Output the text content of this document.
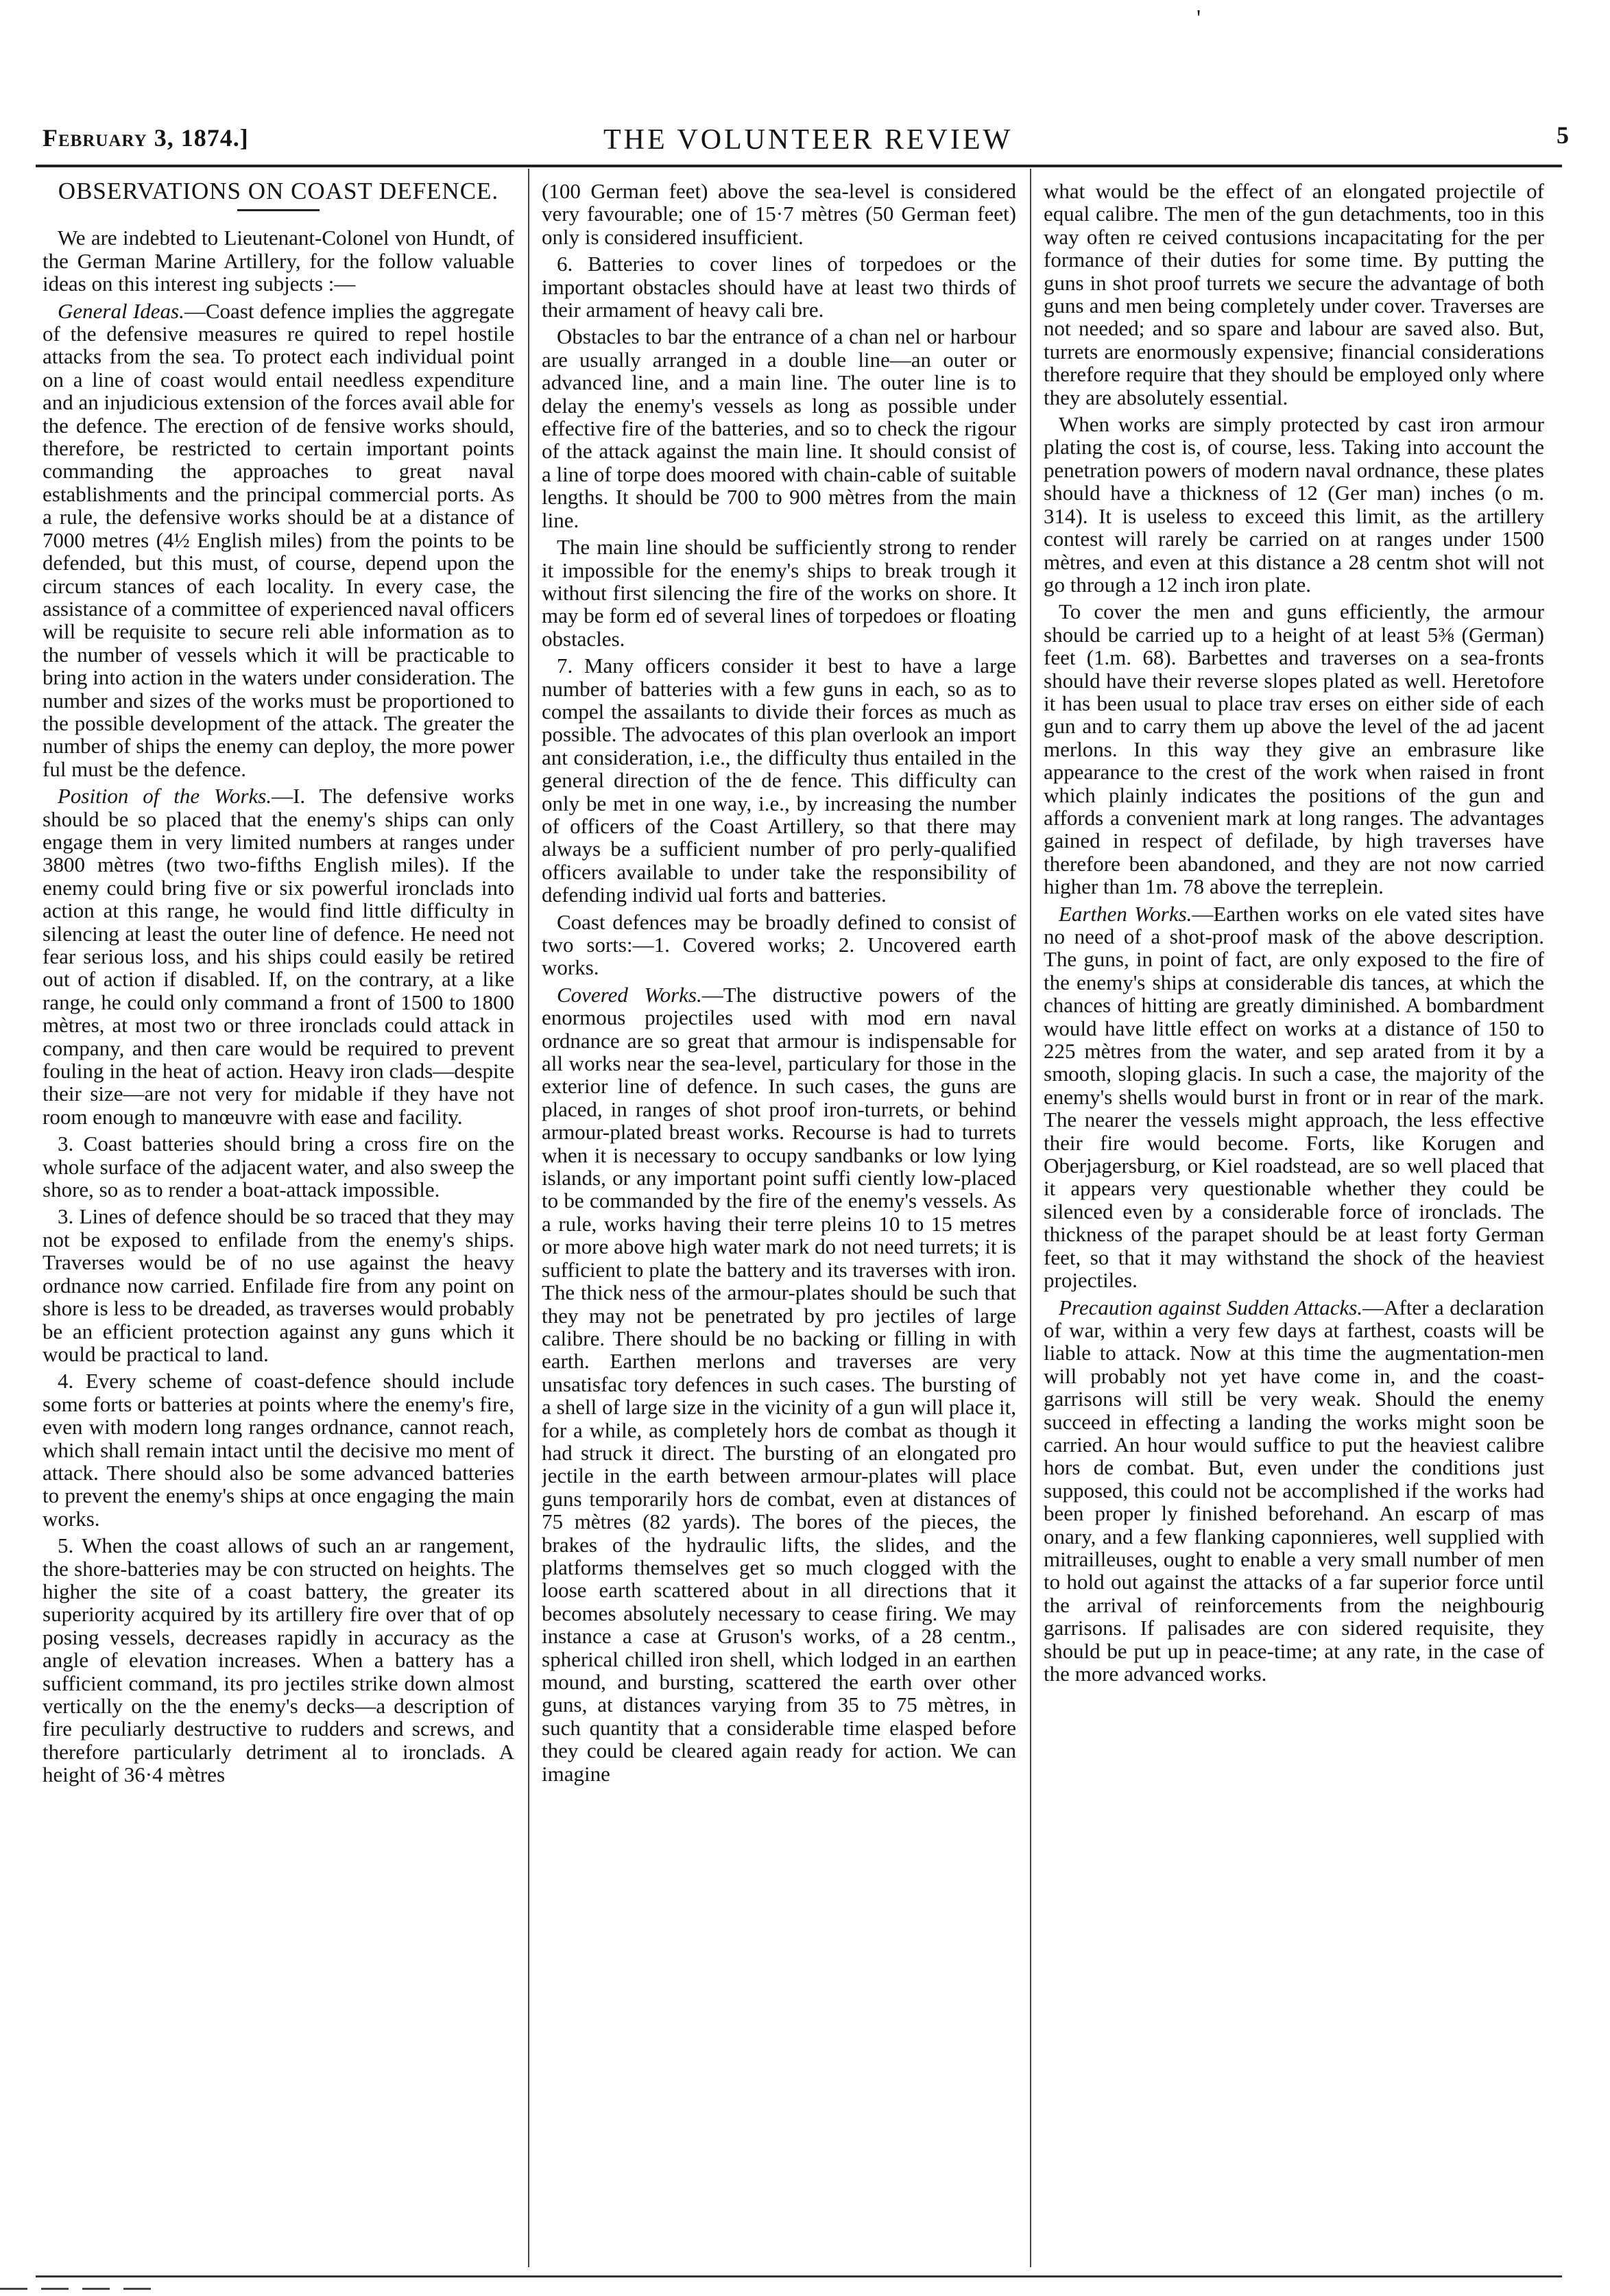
'
February 3, 1874.]	THE VOLUNTEER REVIEW	5
OBSERVATIONS ON COAST DEFENCE.

We are indebted to Lieutenant-Colonel von Hundt, of the German Marine Artillery, for the follow valuable ideas on this interest ing subjects :—

General Ideas.—Coast defence implies the aggregate of the defensive measures re quired to repel hostile attacks from the sea. To protect each individual point on a line of coast would entail needless expenditure and an injudicious extension of the forces avail able for the defence. The erection of de fensive works should, therefore, be restricted to certain important points commanding the approaches to great naval establishments and the principal commercial ports. As a rule, the defensive works should be at a distance of 7000 metres (4½ English miles) from the points to be defended, but this must, of course, depend upon the circum stances of each locality. In every case, the assistance of a committee of experienced naval officers will be requisite to secure reli able information as to the number of vessels which it will be practicable to bring into action in the waters under consideration. The number and sizes of the works must be proportioned to the possible development of the attack. The greater the number of ships the enemy can deploy, the more power ful must be the defence.

Position of the Works.—I. The defensive works should be so placed that the enemy's ships can only engage them in very limited numbers at ranges under 3800 mètres (two two-fifths English miles). If the enemy could bring five or six powerful ironclads into action at this range, he would find little difficulty in silencing at least the outer line of defence. He need not fear serious loss, and his ships could easily be retired out of action if disabled. If, on the contrary, at a like range, he could only command a front of 1500 to 1800 mètres, at most two or three ironclads could attack in company, and then care would be required to prevent fouling in the heat of action. Heavy iron clads—despite their size—are not very for midable if they have not room enough to manœuvre with ease and facility.

3. Coast batteries should bring a cross fire on the whole surface of the adjacent water, and also sweep the shore, so as to render a boat-attack impossible.

3. Lines of defence should be so traced that they may not be exposed to enfilade from the enemy's ships. Traverses would be of no use against the heavy ordnance now carried. Enfilade fire from any point on shore is less to be dreaded, as traverses would probably be an efficient protection against any guns which it would be practical to land.

4. Every scheme of coast-defence should include some forts or batteries at points where the enemy's fire, even with modern long ranges ordnance, cannot reach, which shall remain intact until the decisive mo ment of attack. There should also be some advanced batteries to prevent the enemy's ships at once engaging the main works.

5. When the coast allows of such an ar rangement, the shore-batteries may be con structed on heights. The higher the site of a coast battery, the greater its superiority acquired by its artillery fire over that of op posing vessels, decreases rapidly in accuracy as the angle of elevation increases. When a battery has a sufficient command, its pro jectiles strike down almost vertically on the the enemy's decks—a description of fire peculiarly destructive to rudders and screws, and therefore particularly detriment al to ironclads. A height of 36·4 mètres

(100 German feet) above the sea-level is considered very favourable; one of 15·7 mètres (50 German feet) only is considered insufficient.

6. Batteries to cover lines of torpedoes or the important obstacles should have at least two thirds of their armament of heavy cali bre.

Obstacles to bar the entrance of a chan nel or harbour are usually arranged in a double line—an outer or advanced line, and a main line. The outer line is to delay the enemy's vessels as long as possible under effective fire of the batteries, and so to check the rigour of the attack against the main line. It should consist of a line of torpe does moored with chain-cable of suitable lengths. It should be 700 to 900 mètres from the main line.

The main line should be sufficiently strong to render it impossible for the enemy's ships to break trough it without first silencing the fire of the works on shore. It may be form ed of several lines of torpedoes or floating obstacles.

7. Many officers consider it best to have a large number of batteries with a few guns in each, so as to compel the assailants to divide their forces as much as possible. The advocates of this plan overlook an import ant consideration, i.e., the difficulty thus entailed in the general direction of the de fence. This difficulty can only be met in one way, i.e., by increasing the number of officers of the Coast Artillery, so that there may always be a sufficient number of pro perly-qualified officers available to under take the responsibility of defending individ ual forts and batteries.

Coast defences may be broadly defined to consist of two sorts:—1. Covered works; 2. Uncovered earth works.

Covered Works.—The distructive powers of the enormous projectiles used with mod ern naval ordnance are so great that armour is indispensable for all works near the sea-level, particulary for those in the exterior line of defence. In such cases, the guns are placed, in ranges of shot proof iron-turrets, or behind armour-plated breast works. Recourse is had to turrets when it is necessary to occupy sandbanks or low lying islands, or any important point suffi ciently low-placed to be commanded by the fire of the enemy's vessels. As a rule, works having their terre pleins 10 to 15 metres or more above high water mark do not need turrets; it is sufficient to plate the battery and its traverses with iron. The thick ness of the armour-plates should be such that they may not be penetrated by pro jectiles of large calibre. There should be no backing or filling in with earth. Earthen merlons and traverses are very unsatisfac tory defences in such cases. The bursting of a shell of large size in the vicinity of a gun will place it, for a while, as completely hors de combat as though it had struck it direct. The bursting of an elongated pro jectile in the earth between armour-plates will place guns temporarily hors de combat, even at distances of 75 mètres (82 yards). The bores of the pieces, the brakes of the hydraulic lifts, the slides, and the platforms themselves get so much clogged with the loose earth scattered about in all directions that it becomes absolutely necessary to cease firing. We may instance a case at Gruson's works, of a 28 centm., spherical chilled iron shell, which lodged in an earthen mound, and bursting, scattered the earth over other guns, at distances varying from 35 to 75 mètres, in such quantity that a considerable time elasped before they could be cleared again ready for action. We can imagine

what would be the effect of an elongated projectile of equal calibre. The men of the gun detachments, too in this way often re ceived contusions incapacitating for the per formance of their duties for some time. By putting the guns in shot proof turrets we secure the advantage of both guns and men being completely under cover. Traverses are not needed; and so spare and labour are saved also. But, turrets are enormously expensive; financial considerations therefore require that they should be employed only where they are absolutely essential.

When works are simply protected by cast iron armour plating the cost is, of course, less. Taking into account the penetration powers of modern naval ordnance, these plates should have a thickness of 12 (Ger man) inches (o m. 314). It is useless to exceed this limit, as the artillery contest will rarely be carried on at ranges under 1500 mètres, and even at this distance a 28 centm shot will not go through a 12 inch iron plate.

To cover the men and guns efficiently, the armour should be carried up to a height of at least 5⅜ (German) feet (1.m. 68). Barbettes and traverses on a sea-fronts should have their reverse slopes plated as well. Heretofore it has been usual to place trav erses on either side of each gun and to carry them up above the level of the ad jacent merlons. In this way they give an embrasure like appearance to the crest of the work when raised in front which plainly indicates the positions of the gun and affords a convenient mark at long ranges. The advantages gained in respect of defilade, by high traverses have therefore been abandoned, and they are not now carried higher than 1m. 78 above the terreplein.

Earthen Works.—Earthen works on ele vated sites have no need of a shot-proof mask of the above description. The guns, in point of fact, are only exposed to the fire of the enemy's ships at considerable dis tances, at which the chances of hitting are greatly diminished. A bombardment would have little effect on works at a distance of 150 to 225 mètres from the water, and sep arated from it by a smooth, sloping glacis. In such a case, the majority of the enemy's shells would burst in front or in rear of the mark. The nearer the vessels might approach, the less effective their fire would become. Forts, like Korugen and Oberjagersburg, or Kiel roadstead, are so well placed that it appears very questionable whether they could be silenced even by a considerable force of ironclads. The thickness of the parapet should be at least forty German feet, so that it may withstand the shock of the heaviest projectiles.

Precaution against Sudden Attacks.—After a declaration of war, within a very few days at farthest, coasts will be liable to attack. Now at this time the augmentation-men will probably not yet have come in, and the coast-garrisons will still be very weak. Should the enemy succeed in effecting a landing the works might soon be carried. An hour would suffice to put the heaviest calibre hors de combat. But, even under the conditions just supposed, this could not be accomplished if the works had been proper ly finished beforehand. An escarp of mas onary, and a few flanking caponnieres, well supplied with mitrailleuses, ought to enable a very small number of men to hold out against the attacks of a far superior force until the arrival of reinforcements from the neighbourig garrisons. If palisades are con sidered requisite, they should be put up in peace-time; at any rate, in the case of the more advanced works.
